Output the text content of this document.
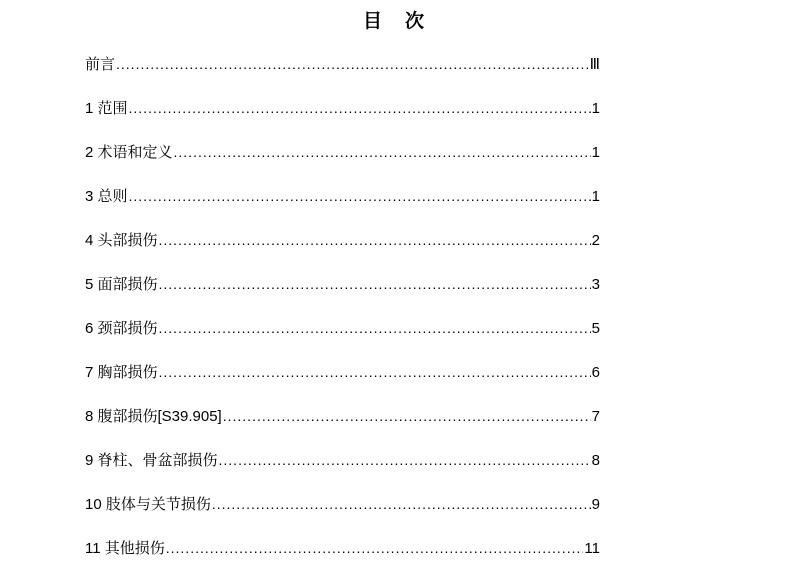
目　次
前言 .....	Ⅲ
1 范围 .....	1
2 术语和定义 .....	1
3 总则 .....	1
4 头部损伤 .....	2
5 面部损伤 .....	3
6 颈部损伤 .....	5
7 胸部损伤 .....	6
8 腹部损伤[S39.905] .....	7
9 脊柱、骨盆部损伤 .....	8
10 肢体与关节损伤 .....	9
11 其他损伤 .....	11
